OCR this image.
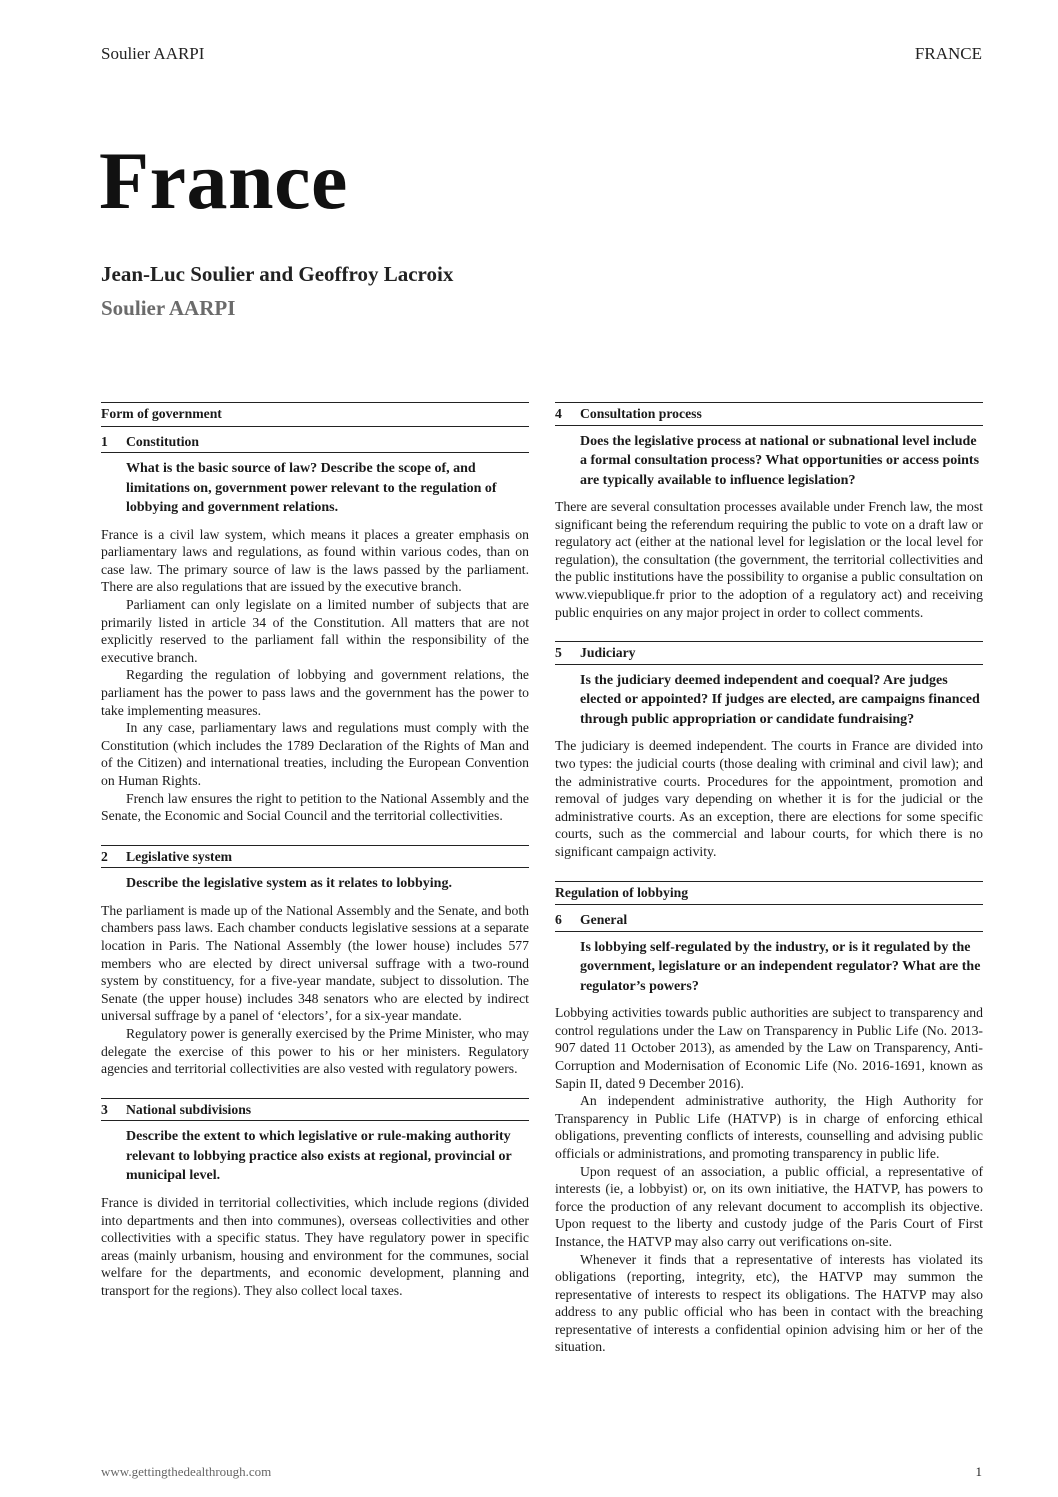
Soulier AARPI	FRANCE
France

Jean-Luc Soulier and Geoffroy Lacroix

Soulier AARPI

Form of government
1	Constitution

What is the basic source of law? Describe the scope of, and limitations on, government power relevant to the regulation of lobbying and government relations.

France is a civil law system, which means it places a greater emphasis on parliamentary laws and regulations, as found within various codes, than on case law. The primary source of law is the laws passed by the parliament. There are also regulations that are issued by the executive branch.

Parliament can only legislate on a limited number of subjects that are primarily listed in article 34 of the Constitution. All matters that are not explicitly reserved to the parliament fall within the responsibility of the executive branch.

Regarding the regulation of lobbying and government relations, the parliament has the power to pass laws and the government has the power to take implementing measures.

In any case, parliamentary laws and regulations must comply with the Constitution (which includes the 1789 Declaration of the Rights of Man and of the Citizen) and international treaties, including the European Convention on Human Rights.

French law ensures the right to petition to the National Assembly and the Senate, the Economic and Social Council and the territorial collectivities.

2	Legislative system

Describe the legislative system as it relates to lobbying.

The parliament is made up of the National Assembly and the Senate, and both chambers pass laws. Each chamber conducts legislative sessions at a separate location in Paris. The National Assembly (the lower house) includes 577 members who are elected by direct universal suffrage with a two-round system by constituency, for a five-year mandate, subject to dissolution. The Senate (the upper house) includes 348 senators who are elected by indirect universal suffrage by a panel of ‘electors’, for a six-year mandate.

Regulatory power is generally exercised by the Prime Minister, who may delegate the exercise of this power to his or her ministers. Regulatory agencies and territorial collectivities are also vested with regulatory powers.

3	National subdivisions

Describe the extent to which legislative or rule-making authority relevant to lobbying practice also exists at regional, provincial or municipal level.

France is divided in territorial collectivities, which include regions (divided into departments and then into communes), overseas collectivities and other collectivities with a specific status. They have regulatory power in specific areas (mainly urbanism, housing and environment for the communes, social welfare for the departments, and economic development, planning and transport for the regions). They also collect local taxes.

4	Consultation process

Does the legislative process at national or subnational level include a formal consultation process? What opportunities or access points are typically available to influence legislation?

There are several consultation processes available under French law, the most significant being the referendum requiring the public to vote on a draft law or regulatory act (either at the national level for legislation or the local level for regulation), the consultation (the government, the territorial collectivities and the public institutions have the possibility to organise a public consultation on www.viepublique.fr prior to the adoption of a regulatory act) and receiving public enquiries on any major project in order to collect comments.

5	Judiciary

Is the judiciary deemed independent and coequal? Are judges elected or appointed? If judges are elected, are campaigns financed through public appropriation or candidate fundraising?

The judiciary is deemed independent. The courts in France are divided into two types: the judicial courts (those dealing with criminal and civil law); and the administrative courts. Procedures for the appointment, promotion and removal of judges vary depending on whether it is for the judicial or the administrative courts. As an exception, there are elections for some specific courts, such as the commercial and labour courts, for which there is no significant campaign activity.

Regulation of lobbying
6	General

Is lobbying self-regulated by the industry, or is it regulated by the government, legislature or an independent regulator? What are the regulator’s powers?

Lobbying activities towards public authorities are subject to transparency and control regulations under the Law on Transparency in Public Life (No. 2013-907 dated 11 October 2013), as amended by the Law on Transparency, Anti-Corruption and Modernisation of Economic Life (No. 2016-1691, known as Sapin II, dated 9 December 2016).

An independent administrative authority, the High Authority for Transparency in Public Life (HATVP) is in charge of enforcing ethical obligations, preventing conflicts of interests, counselling and advising public officials or administrations, and promoting transparency in public life.

Upon request of an association, a public official, a representative of interests (ie, a lobbyist) or, on its own initiative, the HATVP, has powers to force the production of any relevant document to accomplish its objective. Upon request to the liberty and custody judge of the Paris Court of First Instance, the HATVP may also carry out verifications on-site.

Whenever it finds that a representative of interests has violated its obligations (reporting, integrity, etc), the HATVP may summon the representative of interests to respect its obligations. The HATVP may also address to any public official who has been in contact with the breaching representative of interests a confidential opinion advising him or her of the situation.

www.gettingthedealthrough.com	1
